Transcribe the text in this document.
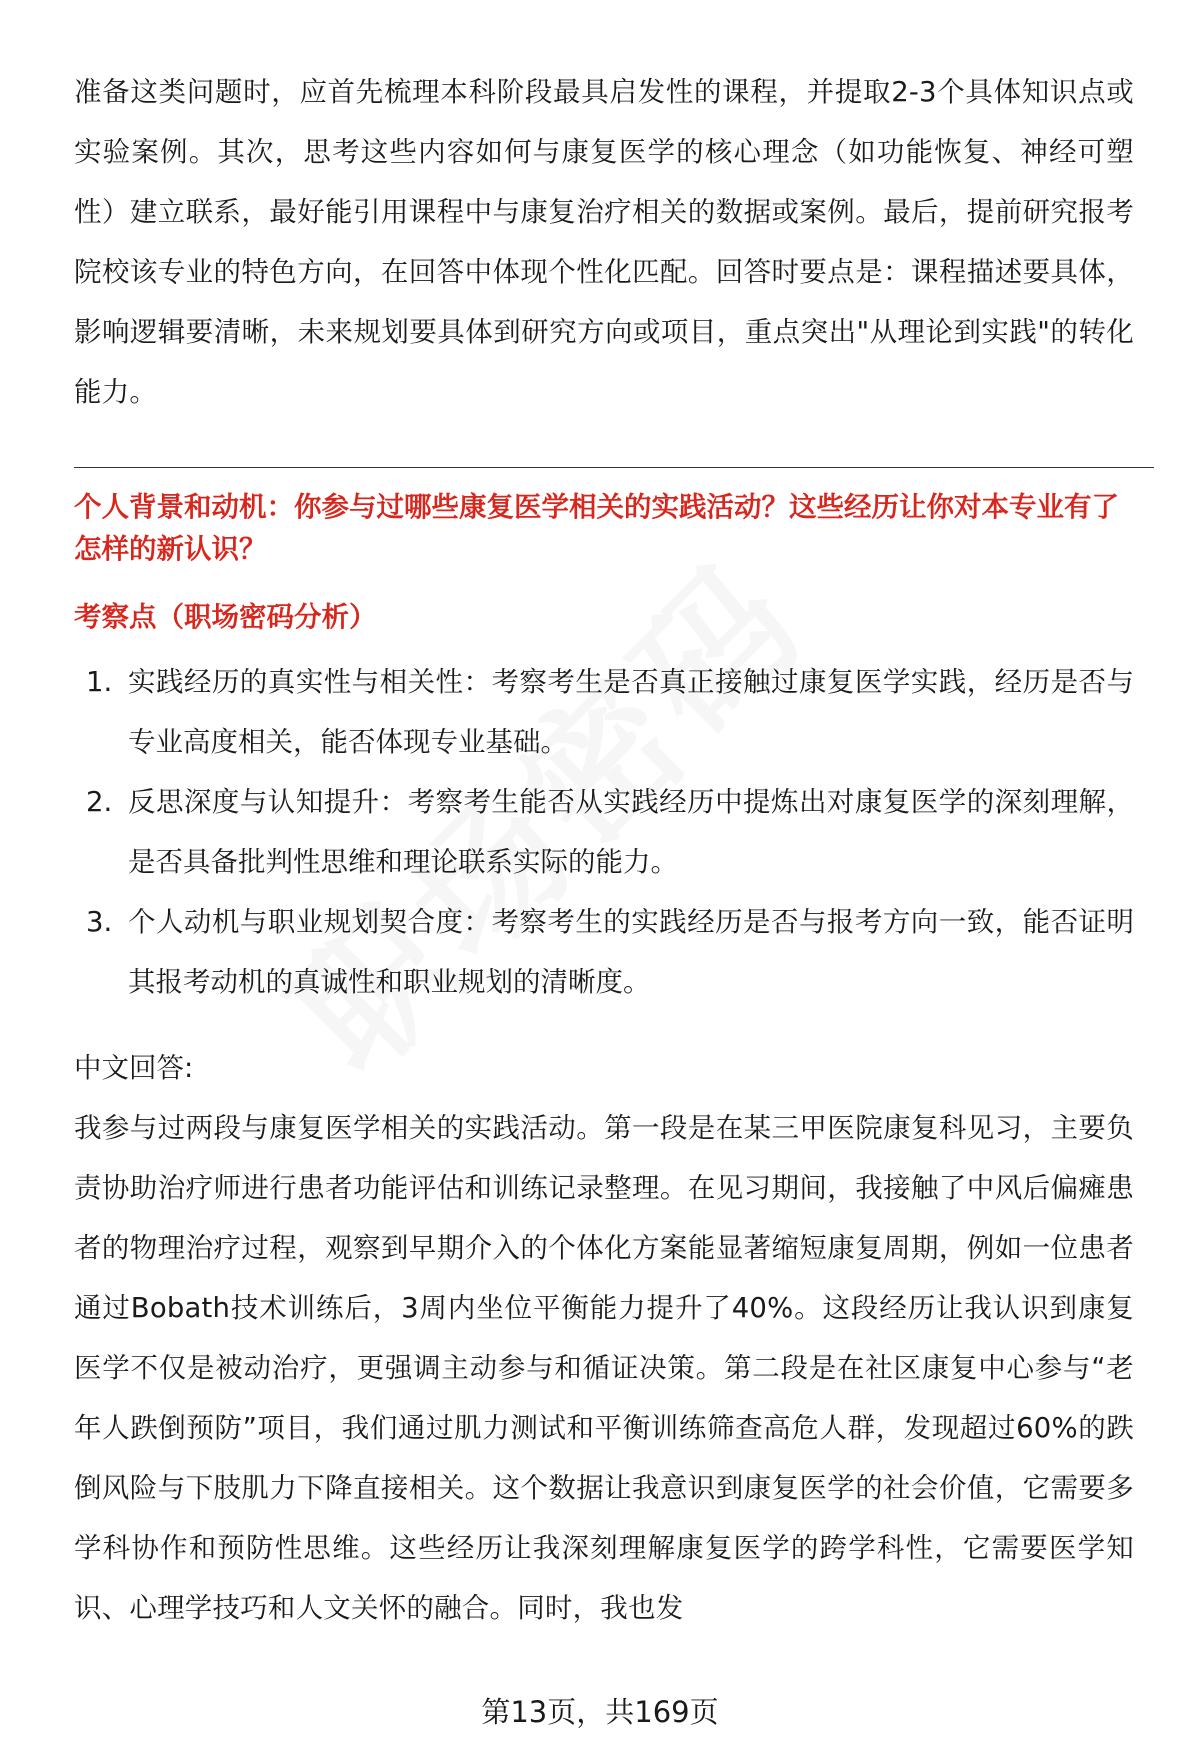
准备这类问题时，应首先梳理本科阶段最具启发性的课程，并提取2-3个具体知识点或实验案例。其次，思考这些内容如何与康复医学的核心理念（如功能恢复、神经可塑性）建立联系，最好能引用课程中与康复治疗相关的数据或案例。最后，提前研究报考院校该专业的特色方向，在回答中体现个性化匹配。回答时要点是：课程描述要具体，影响逻辑要清晰，未来规划要具体到研究方向或项目，重点突出"从理论到实践"的转化能力。

个人背景和动机：你参与过哪些康复医学相关的实践活动？这些经历让你对本专业有了怎样的新认识？

考察点（职场密码分析）

1. 实践经历的真实性与相关性：考察考生是否真正接触过康复医学实践，经历是否与专业高度相关，能否体现专业基础。
2. 反思深度与认知提升：考察考生能否从实践经历中提炼出对康复医学的深刻理解，是否具备批判性思维和理论联系实际的能力。
3. 个人动机与职业规划契合度：考察考生的实践经历是否与报考方向一致，能否证明其报考动机的真诚性和职业规划的清晰度。

中文回答:

我参与过两段与康复医学相关的实践活动。第一段是在某三甲医院康复科见习，主要负责协助治疗师进行患者功能评估和训练记录整理。在见习期间，我接触了中风后偏瘫患者的物理治疗过程，观察到早期介入的个体化方案能显著缩短康复周期，例如一位患者通过Bobath技术训练后，3周内坐位平衡能力提升了40%。这段经历让我认识到康复医学不仅是被动治疗，更强调主动参与和循证决策。第二段是在社区康复中心参与“老年人跌倒预防”项目，我们通过肌力测试和平衡训练筛查高危人群，发现超过60%的跌倒风险与下肢肌力下降直接相关。这个数据让我意识到康复医学的社会价值，它需要多学科协作和预防性思维。这些经历让我深刻理解康复医学的跨学科性，它需要医学知识、心理学技巧和人文关怀的融合。同时，我也发

第13页，共169页
